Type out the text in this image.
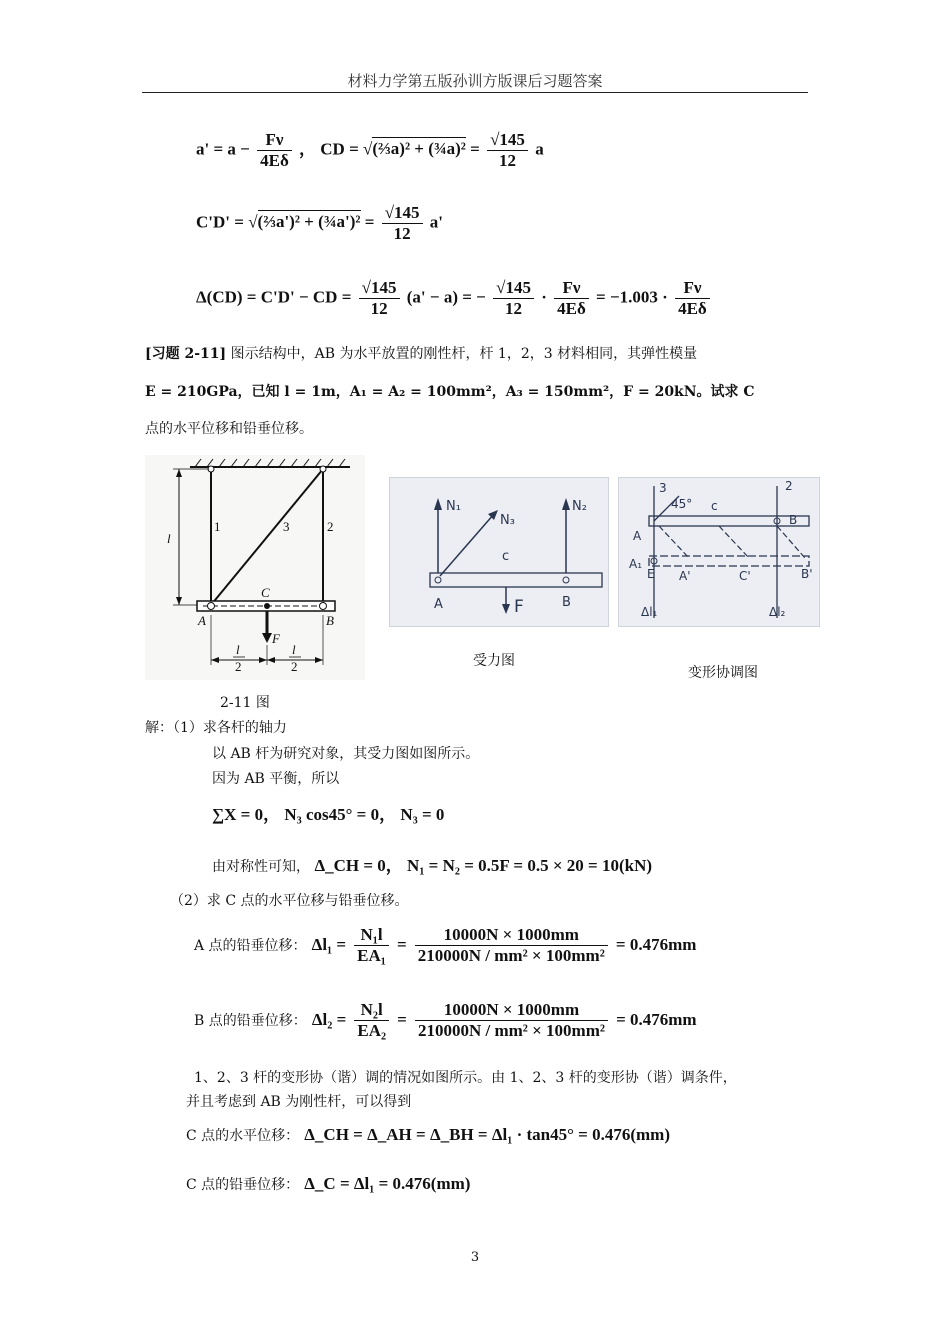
材料力学第五版孙训方版课后习题答案
$a' = a - \frac{F\nu}{4E\delta}$ ， CD = √(⅔a)² + (¾a)² = $\frac{√145}{12}$ a
C'D' = √(⅔a')² + (¾a')² = $\frac{√145}{12} a'$
Δ(CD) = C'D' − CD = $\frac{√145}{12} (a' - a)$ = − $\frac{√145}{12} \cdot \frac{F\nu}{4E\delta} = -1.003 \cdot \frac{F\nu}{4E\delta}$
[习题 2-11] 图示结构中，AB 为水平放置的刚性杆，杆 1，2，3 材料相同，其弹性模量
E = 210GPa，已知 l = 1m，A₁ = A₂ = 100mm²，A₃ = 150mm²，F = 20kN。试求 C
点的水平位移和铅垂位移。
l
1	3	2
A	B
C
F
l
2
l
2
N₁
N₃
N₂
c
A	B
F
3
45° c
2
B
A
A₁
E A'	C'	B'
Δl₁	Δl₂
受力图
变形协调图
2-11 图
解：（1）求各杆的轴力
以 AB 杆为研究对象，其受力图如图所示。
因为 AB 平衡，所以
∑X = 0， N₃ cos45° = 0， N₃ = 0
由对称性可知， Δ_CH = 0， N₁ = N₂ = 0.5F = 0.5 × 20 = 10(kN)
（2）求 C 点的水平位移与铅垂位移。
A 点的铅垂位移： $\Delta l_1 = \frac{\text{N₁l}}{\text{EA₁}} = \frac{10000N \times 1000mm}{\text{210000N / mm² × 100mm²}} = 0.476mm$
B 点的铅垂位移： $\Delta l_2 = \frac{\text{N₂l}}{\text{EA₂}} = \frac{10000N \times 1000mm}{\text{210000N / mm² × 100mm²}} = 0.476mm$
1、2、3 杆的变形协（谐）调的情况如图所示。由 1、2、3 杆的变形协（谐）调条件，
并且考虑到 AB 为刚性杆，可以得到
C 点的水平位移： Δ_CH = Δ_AH = Δ_BH = Δl₁ · tan45° = 0.476(mm)
C 点的铅垂位移： Δ_C = Δl₁ = 0.476(mm)
3
